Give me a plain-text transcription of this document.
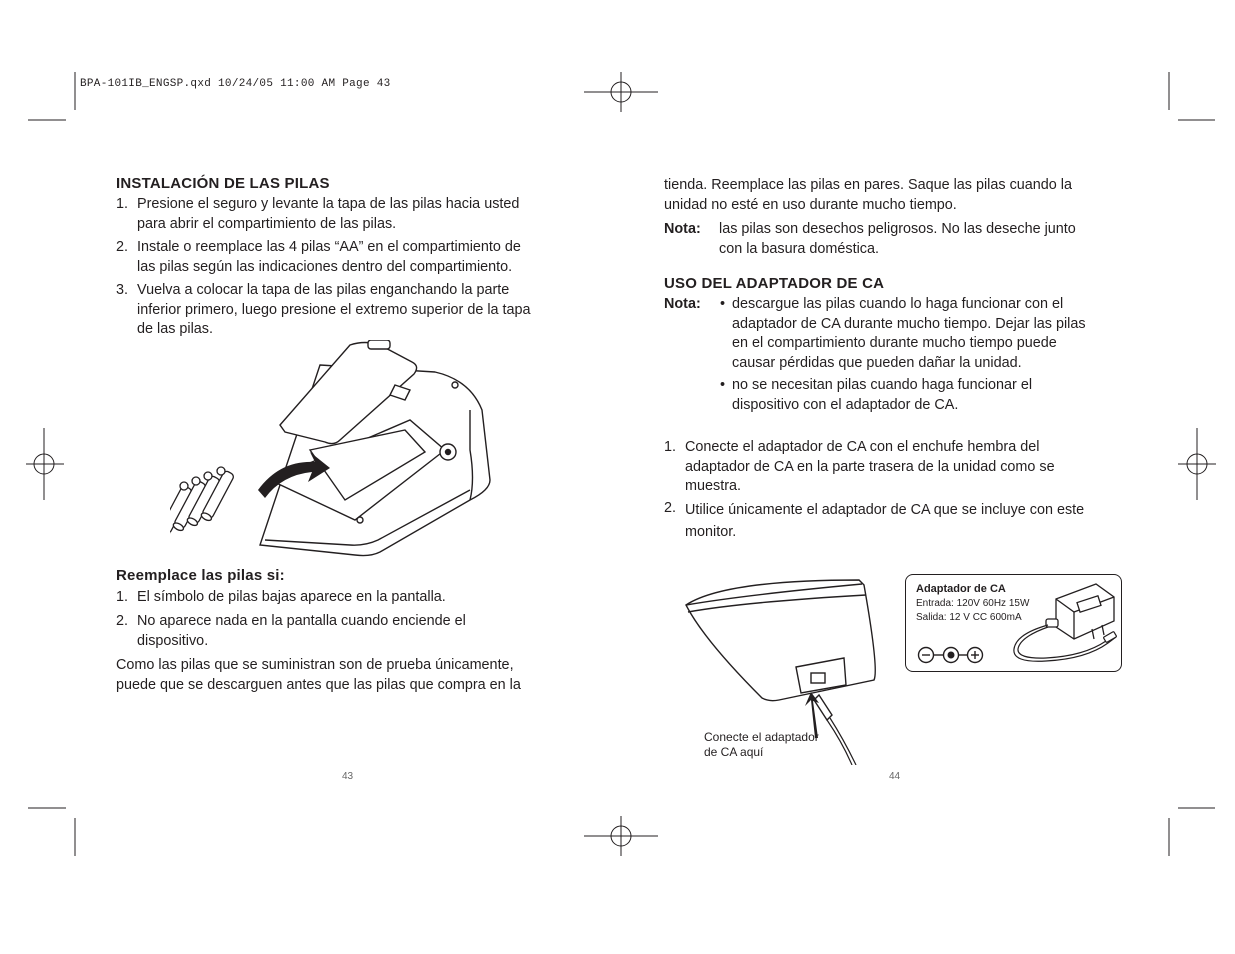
BPA-101IB_ENGSP.qxd 10/24/05 11:00 AM Page 43
INSTALACIÓN DE LAS PILAS
1. Presione el seguro y levante la tapa de las pilas hacia usted
para abrir el compartimiento de las pilas.
2. Instale o reemplace las 4 pilas “AA” en el compartimiento de
las pilas según las indicaciones dentro del compartimiento.
3. Vuelva a colocar la tapa de las pilas enganchando la parte
inferior primero, luego presione el extremo superior de la tapa
de las pilas.
Reemplace las pilas si:
1. El símbolo de pilas bajas aparece en la pantalla.
2. No aparece nada en la pantalla cuando enciende el
dispositivo.

Como las pilas que se suministran son de prueba únicamente,
puede que se descarguen antes que las pilas que compra en la

43

tienda. Reemplace las pilas en pares. Saque las pilas cuando la
unidad no esté en uso durante mucho tiempo.

Nota: las pilas son desechos peligrosos. No las deseche junto
con la basura doméstica.
USO DEL ADAPTADOR DE CA
Nota: • descargue las pilas cuando lo haga funcionar con el
adaptador de CA durante mucho tiempo. Dejar las pilas
en el compartimiento durante mucho tiempo puede
causar pérdidas que pueden dañar la unidad.
• no se necesitan pilas cuando haga funcionar el
dispositivo con el adaptador de CA.
1. Conecte el adaptador de CA con el enchufe hembra del
adaptador de CA en la parte trasera de la unidad como se
muestra.
2. Utilice únicamente el adaptador de CA que se incluye con este
monitor.
Conecte el adaptador
de CA aquí
Adaptador de CA
Entrada: 120V 60Hz 15W
Salida: 12 V CC 600mA
44
